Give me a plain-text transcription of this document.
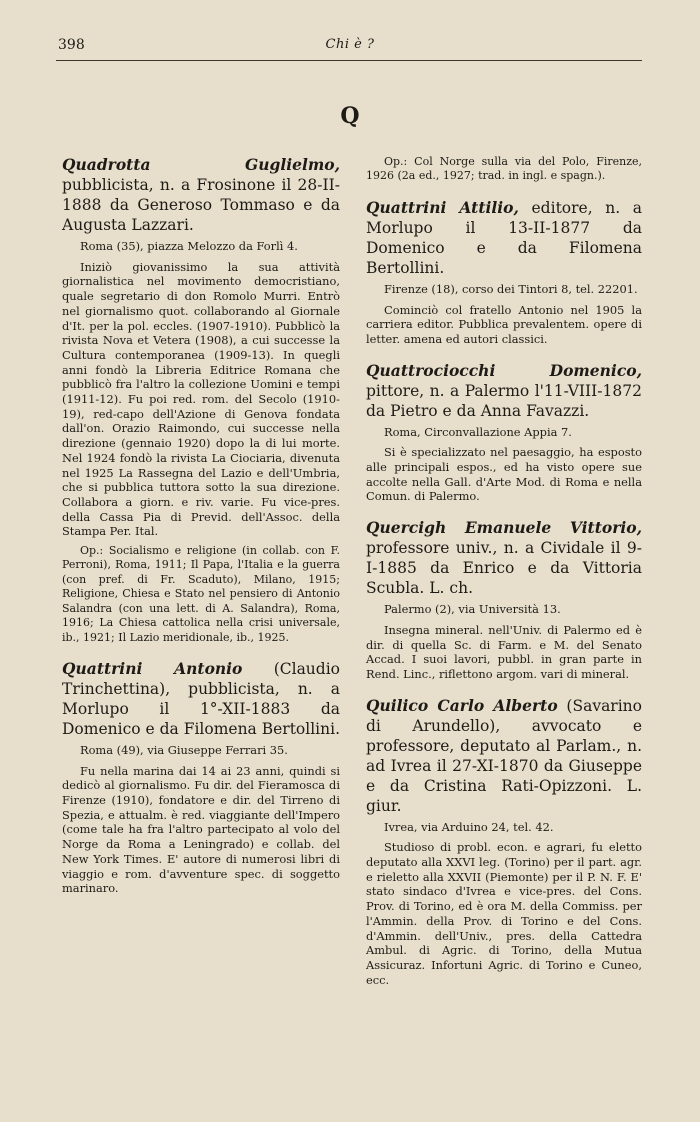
398	Chi è ?
Q

Quadrotta Guglielmo, pubblicista, n. a Frosinone il 28-II-1888 da Generoso Tommaso e da Augusta Lazzari.

Roma (35), piazza Melozzo da Forlì 4.

Iniziò giovanissimo la sua attività giornalistica nel movimento democristiano, quale segretario di don Romolo Murri. Entrò nel giornalismo quot. collaborando al Giornale d'It. per la pol. eccles. (1907-1910). Pubblicò la rivista Nova et Vetera (1908), a cui successe la Cultura contemporanea (1909-13). In quegli anni fondò la Libreria Editrice Romana che pubblicò fra l'altro la collezione Uomini e tempi (1911-12). Fu poi red. rom. del Secolo (1910-19), red-capo dell'Azione di Genova fondata dall'on. Orazio Raimondo, cui successe nella direzione (gennaio 1920) dopo la di lui morte. Nel 1924 fondò la rivista La Ciociaria, divenuta nel 1925 La Rassegna del Lazio e dell'Umbria, che si pubblica tuttora sotto la sua direzione. Collabora a giorn. e riv. varie. Fu vice-pres. della Cassa Pia di Previd. dell'Assoc. della Stampa Per. Ital.

Op.: Socialismo e religione (in collab. con F. Perroni), Roma, 1911; Il Papa, l'Italia e la guerra (con pref. di Fr. Scaduto), Milano, 1915; Religione, Chiesa e Stato nel pensiero di Antonio Salandra (con una lett. di A. Salandra), Roma, 1916; La Chiesa cattolica nella crisi universale, ib., 1921; Il Lazio meridionale, ib., 1925.

Quattrini Antonio (Claudio Trinchettina), pubblicista, n. a Morlupo il 1°-XII-1883 da Domenico e da Filomena Bertollini.

Roma (49), via Giuseppe Ferrari 35.

Fu nella marina dai 14 ai 23 anni, quindi si dedicò al giornalismo. Fu dir. del Fieramosca di Firenze (1910), fondatore e dir. del Tirreno di Spezia, e attualm. è red. viaggiante dell'Impero (come tale ha fra l'altro partecipato al volo del Norge da Roma a Leningrado) e collab. del New York Times. E' autore di numerosi libri di viaggio e rom. d'avventure spec. di soggetto marinaro.

Op.: Col Norge sulla via del Polo, Firenze, 1926 (2a ed., 1927; trad. in ingl. e spagn.).

Quattrini Attilio, editore, n. a Morlupo il 13-II-1877 da Domenico e da Filomena Bertollini.

Firenze (18), corso dei Tintori 8, tel. 22201.

Cominciò col fratello Antonio nel 1905 la carriera editor. Pubblica prevalentem. opere di letter. amena ed autori classici.

Quattrociocchi Domenico, pittore, n. a Palermo l'11-VIII-1872 da Pietro e da Anna Favazzi.

Roma, Circonvallazione Appia 7.

Si è specializzato nel paesaggio, ha esposto alle principali espos., ed ha visto opere sue accolte nella Gall. d'Arte Mod. di Roma e nella Comun. di Palermo.

Quercigh Emanuele Vittorio, professore univ., n. a Cividale il 9-I-1885 da Enrico e da Vittoria Scubla. L. ch.

Palermo (2), via Università 13.

Insegna mineral. nell'Univ. di Palermo ed è dir. di quella Sc. di Farm. e M. del Senato Accad. I suoi lavori, pubbl. in gran parte in Rend. Linc., riflettono argom. vari di mineral.

Quilico Carlo Alberto (Savarino di Arundello), avvocato e professore, deputato al Parlam., n. ad Ivrea il 27-XI-1870 da Giuseppe e da Cristina Rati-Opizzoni. L. giur.

Ivrea, via Arduino 24, tel. 42.

Studioso di probl. econ. e agrari, fu eletto deputato alla XXVI leg. (Torino) per il part. agr. e rieletto alla XXVII (Piemonte) per il P. N. F. E' stato sindaco d'Ivrea e vice-pres. del Cons. Prov. di Torino, ed è ora M. della Commiss. per l'Ammin. della Prov. di Torino e del Cons. d'Ammin. dell'Univ., pres. della Cattedra Ambul. di Agric. di Torino, della Mutua Assicuraz. Infortuni Agric. di Torino e Cuneo, ecc.
